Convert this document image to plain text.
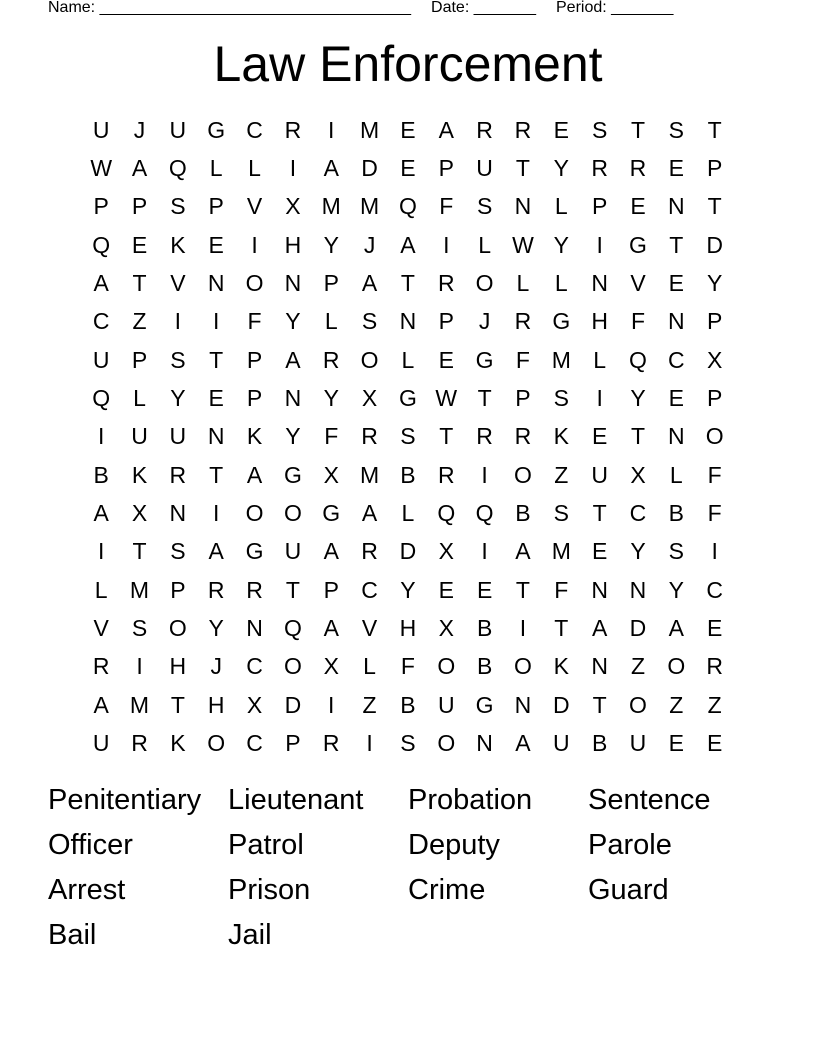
Name: ___________________________________ Date: _______ Period: _______
Law Enforcement
U	J	U G C R	I	M E	A R R E	S	T	S	T
W A Q	L	L	I	A D E	P U	T	Y R R E	P
P	P	S	P	V	X M M Q F	S N	L	P	E N	T
Q E	K	E	I	H Y	J	A	I	L W Y	I	G T	D
A	T	V N O N P	A	T	R O	L	L	N V	E	Y
C	Z	I	I	F	Y	L	S N P	J	R G H	F	N P
U P	S	T	P	A R O	L	E G F M L	Q C X
Q	L	Y	E	P N Y	X G W T	P	S	I	Y	E	P
I	U U N K	Y	F	R S	T	R R K	E	T	N O
B	K R	T	A G X M B R	I	O Z	U X	L	F
A	X N	I	O O G A	L	Q Q B	S	T	C B	F
I	T	S	A G U A R D X	I	A M E	Y	S	I
L M P R R	T	P C Y	E	E	T	F	N N Y C
V	S O Y N Q A	V H X	B	I	T	A D A	E
R	I	H	J	C O X	L	F O B O K N	Z O R
A M T	H X D	I	Z	B U G N D	T O Z	Z
U R K O C P R	I	S O N A U B U E	E
Penitentiary Lieutenant	Probation	Sentence
Officer	Patrol	Deputy	Parole
Arrest	Prison	Crime	Guard
Bail	Jail
